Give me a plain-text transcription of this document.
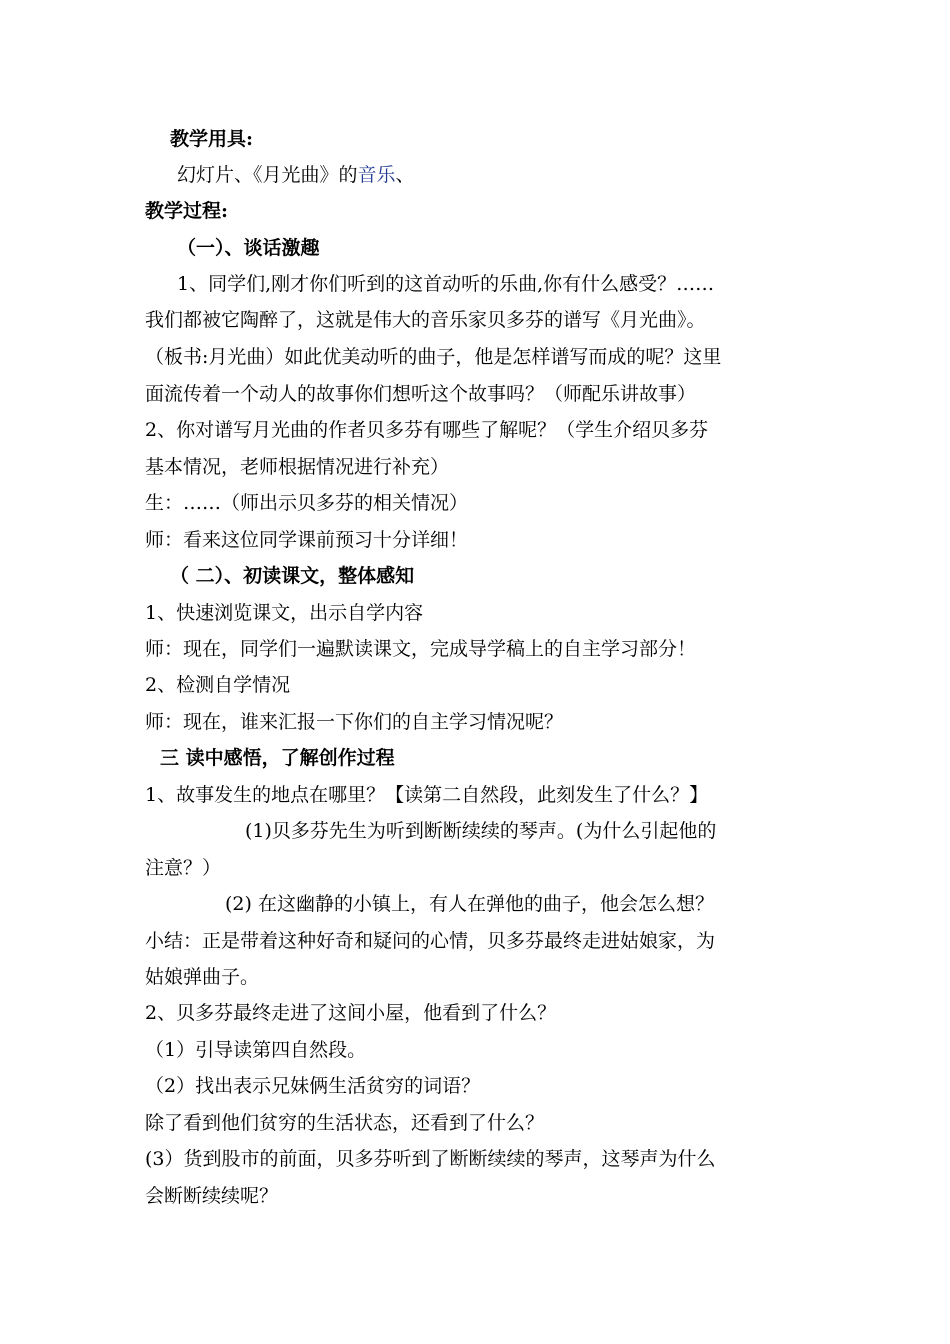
教学用具:
幻灯片、《月光曲》的音乐、
教学过程:
（一）、谈话激趣
1、同学们,刚才你们听到的这首动听的乐曲,你有什么感受？……
我们都被它陶醉了，这就是伟大的音乐家贝多芬的谱写《月光曲》。
（板书:月光曲）如此优美动听的曲子，他是怎样谱写而成的呢？这里
面流传着一个动人的故事你们想听这个故事吗？（师配乐讲故事）
2、你对谱写月光曲的作者贝多芬有哪些了解呢？（学生介绍贝多芬
基本情况，老师根据情况进行补充）
生：……（师出示贝多芬的相关情况）
师：看来这位同学课前预习十分详细！
（ 二）、初读课文，整体感知
1、快速浏览课文，出示自学内容
师：现在，同学们一遍默读课文，完成导学稿上的自主学习部分！
2、检测自学情况
师：现在，谁来汇报一下你们的自主学习情况呢？
三 读中感悟，了解创作过程
1、故事发生的地点在哪里？【读第二自然段，此刻发生了什么？】
(1)贝多芬先生为听到断断续续的琴声。(为什么引起他的
注意？）
(2) 在这幽静的小镇上，有人在弹他的曲子，他会怎么想？
小结：正是带着这种好奇和疑问的心情，贝多芬最终走进姑娘家，为
姑娘弹曲子。
2、贝多芬最终走进了这间小屋，他看到了什么？
（1）引导读第四自然段。
（2）找出表示兄妹俩生活贫穷的词语？
除了看到他们贫穷的生活状态，还看到了什么？
(3）货到股市的前面，贝多芬听到了断断续续的琴声，这琴声为什么
会断断续续呢？
